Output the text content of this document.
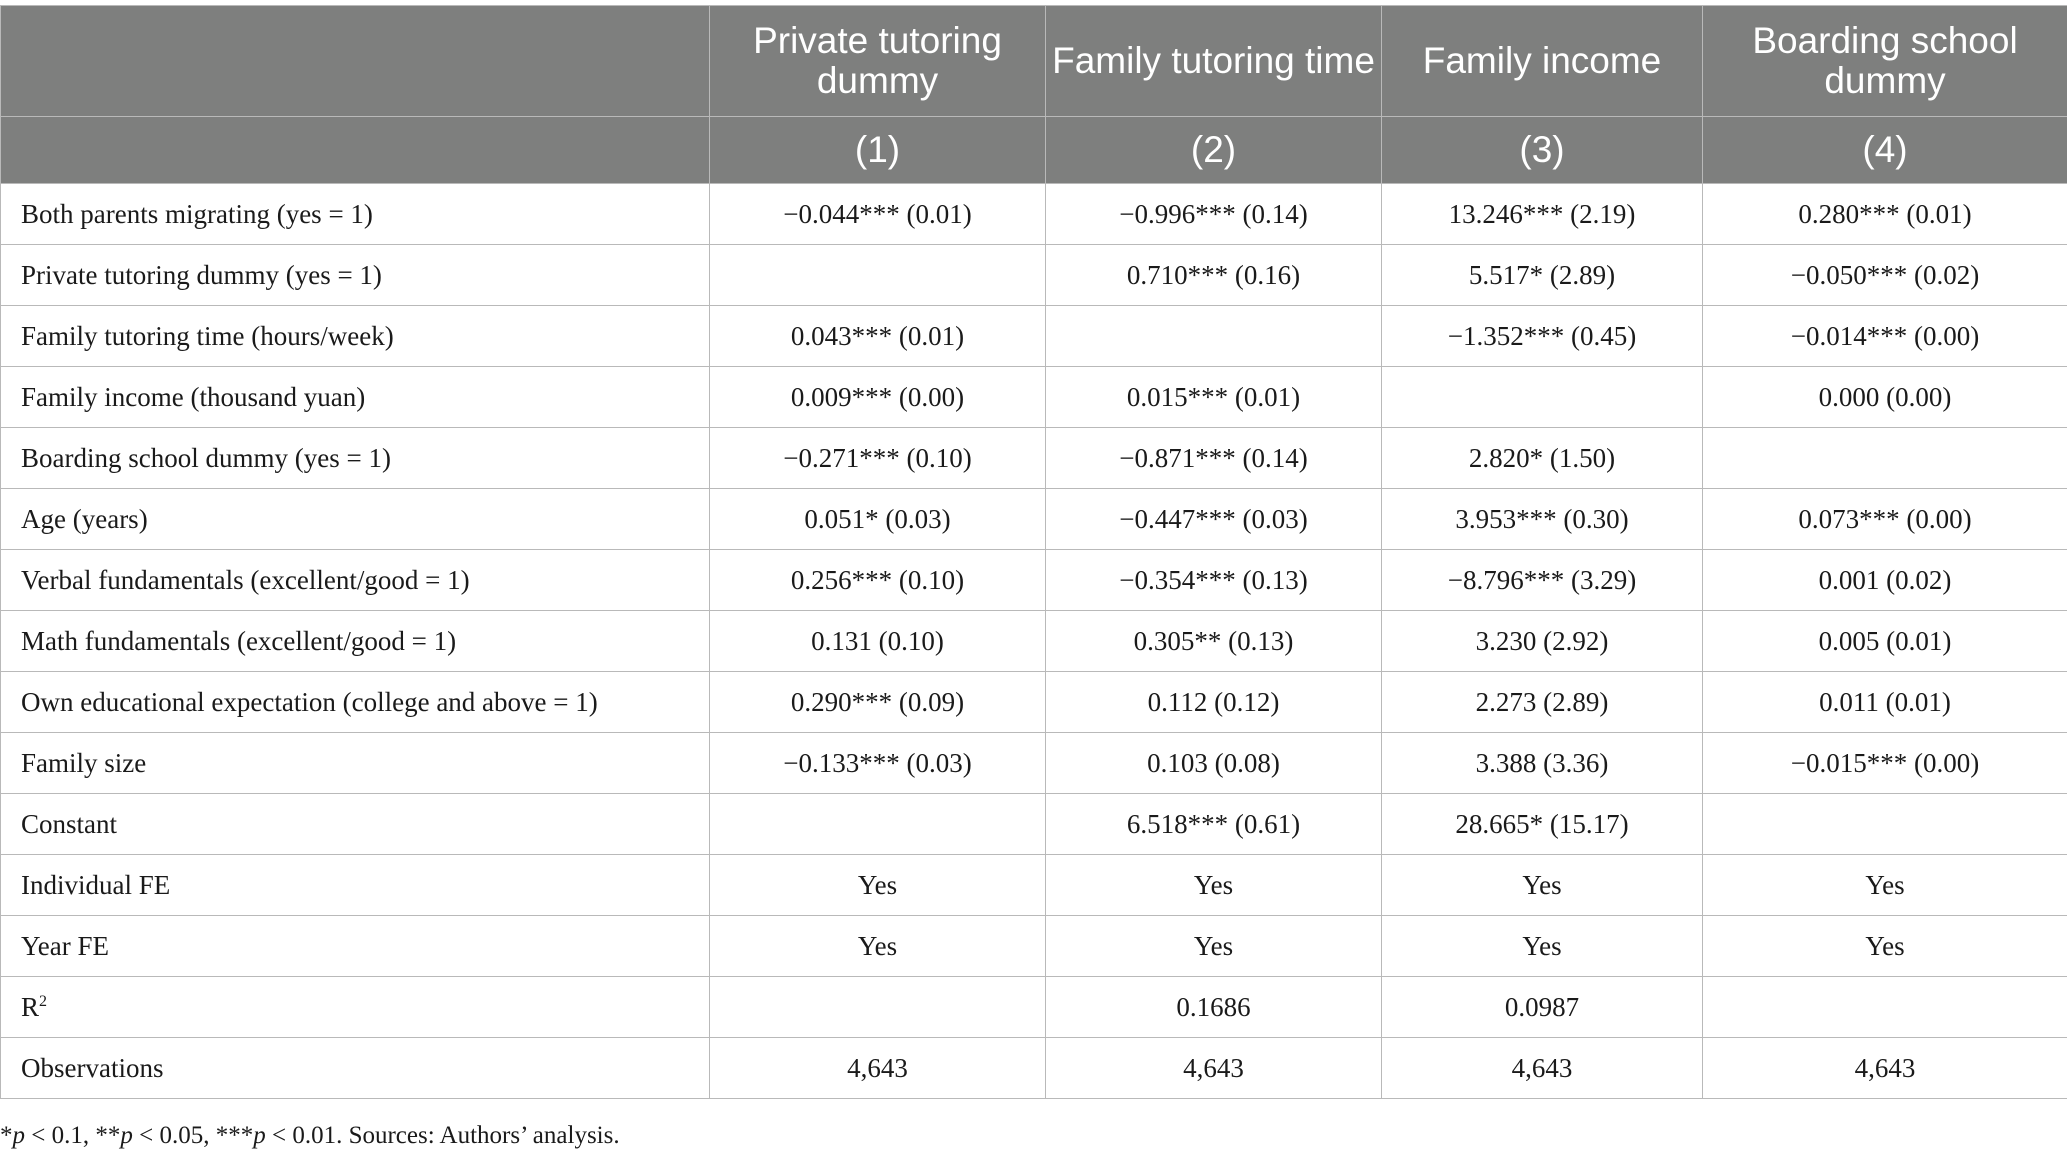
	Private tutoring dummy	Family tutoring time	Family income	Boarding school dummy
	(1)	(2)	(3)	(4)
Both parents migrating (yes = 1)	−0.044*** (0.01)	−0.996*** (0.14)	13.246*** (2.19)	0.280*** (0.01)
Private tutoring dummy (yes = 1)		0.710*** (0.16)	5.517* (2.89)	−0.050*** (0.02)
Family tutoring time (hours/week)	0.043*** (0.01)		−1.352*** (0.45)	−0.014*** (0.00)
Family income (thousand yuan)	0.009*** (0.00)	0.015*** (0.01)		0.000 (0.00)
Boarding school dummy (yes = 1)	−0.271*** (0.10)	−0.871*** (0.14)	2.820* (1.50)	
Age (years)	0.051* (0.03)	−0.447*** (0.03)	3.953*** (0.30)	0.073*** (0.00)
Verbal fundamentals (excellent/good = 1)	0.256*** (0.10)	−0.354*** (0.13)	−8.796*** (3.29)	0.001 (0.02)
Math fundamentals (excellent/good = 1)	0.131 (0.10)	0.305** (0.13)	3.230 (2.92)	0.005 (0.01)
Own educational expectation (college and above = 1)	0.290*** (0.09)	0.112 (0.12)	2.273 (2.89)	0.011 (0.01)
Family size	−0.133*** (0.03)	0.103 (0.08)	3.388 (3.36)	−0.015*** (0.00)
Constant		6.518*** (0.61)	28.665* (15.17)	
Individual FE	Yes	Yes	Yes	Yes
Year FE	Yes	Yes	Yes	Yes
$R^2$		0.1686	0.0987	
Observations	4,643	4,643	4,643	4,643
*p < 0.1, **p < 0.05, ***p < 0.01. Sources: Authors’ analysis.
